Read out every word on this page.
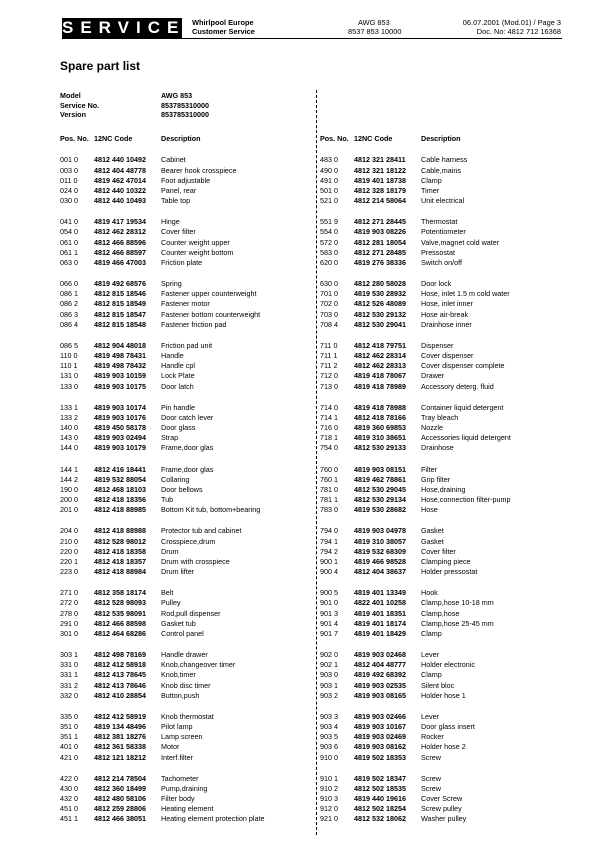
SERVICE Whirlpool Europe
Customer Service
AWG 853
8537 853 10000
06.07.2001 (Mod.01) / Page 3
Doc. No: 4812 712 16368
Spare part list
Model	AWG 853
Service No.	853785310000
Version	853785310000
Pos. No. 12NC Code	Description
001 0 4812 440 10492 Cabinet
003 0 4812 404 48778 Bearer hook crosspiece
011 0 4819 462 47014 Foot adjustable
024 0 4812 440 10322 Panel, rear
030 0 4812 440 10493 Table top
041 0 4819 417 19534 Hinge
054 0 4812 462 28312 Cover filter
061 0 4812 466 88596 Counter weight upper
061 1 4812 466 88597 Counter weight bottom
063 0 4819 466 47003 Friction plate
066 0 4819 492 68576 Spring
086 1 4812 815 18546 Fastener upper counterweight
086 2 4812 815 18549 Fastener motor
086 3 4812 815 18547 Fastener bottom counterweight
086 4 4812 815 18548 Fastener friction pad
086 5 4812 904 48018 Friction pad unit
110 0 4819 498 78431 Handle
110 1 4819 498 78432 Handle cpl
131 0 4819 903 10159 Lock Plate
133 0 4819 903 10175 Door latch
133 1 4819 903 10174 Pin handle
133 2 4819 903 10176 Door catch lever
140 0 4819 450 58178 Door glass
143 0 4819 903 02494 Strap
144 0 4819 903 10179 Frame,door glas
144 1 4812 416 18441 Frame,door glas
144 2 4819 532 88054 Collaring
190 0 4812 468 18103 Door bellows
200 0 4812 418 18356 Tub
201 0 4812 418 88985 Bottom Kit tub, bottom+bearing
204 0 4812 418 88988 Protector tub and cabinet
210 0 4812 528 98012 Crosspiece,drum
220 0 4812 418 18358 Drum
220 1 4812 418 18357 Drum with crosspiece
223 0 4812 418 88984 Drum lifter
271 0 4812 358 18174 Belt
272 0 4812 528 98093 Pulley
278 0 4812 535 98091 Rod,pull dispenser
291 0 4812 466 88598 Gasket tub
301 0 4812 464 68286 Control panel
303 1 4812 498 78169 Handle drawer
331 0 4812 412 58918 Knob,changeover timer
331 1 4812 413 78645 Knob,timer
331 2 4812 413 78646 Knob disc timer
332 0 4812 410 28854 Button,push
335 0 4812 412 58919 Knob thermostat
351 0 4819 134 48496 Pilot lamp
351 1 4812 381 18276 Lamp screen
401 0 4812 361 58338 Motor
421 0 4812 121 18212 Interf.filter
422 0 4812 214 78504 Tachometer
430 0 4812 360 18499 Pump,draining
432 0 4812 480 58106 Filter body
451 0 4812 259 28806 Heating element
451 1 4812 466 38051 Heating element protection plate
Pos. No. 12NC Code	Description
483 0 4812 321 28411 Cable harness
490 0 4812 321 18122 Cable,mains
491 0 4819 401 18738 Clamp
501 0 4812 328 18179 Timer
521 0 4812 214 58064 Unit electrical
551 9 4812 271 28445 Thermostat
554 0 4819 903 08226 Potentiometer
572 0 4812 281 18054 Valve,magnet cold water
583 0 4812 271 28485 Pressostat
620 0 4819 276 38336 Switch on/off
630 0 4812 280 58028 Door lock
701 0 4819 530 28932 Hose, inlet 1.5 m cold water
702 0 4812 526 48089 Hose, inlet inner
703 0 4812 530 29132 Hose air-break
708 4 4812 530 29041 Drainhose inner
711 0 4812 418 79751 Dispenser
711 1 4812 462 28314 Cover dispenser
711 2 4812 462 28313 Cover dispenser complete
712 0 4819 418 78067 Drawer
713 0 4819 418 78989 Accessory deterg. fluid
714 0 4819 418 78988 Container liquid detergent
714 1 4812 418 78166 Tray bleach
716 0 4819 360 69853 Nozzle
718 1 4819 310 38651 Accessories liquid detergent
754 0 4812 530 29133 Drainhose
760 0 4819 903 08151 Filter
760 1 4819 462 78861 Grip filter
781 0 4812 530 29045 Hose,draining
781 1 4812 530 29134 Hose,connection filter-pump
783 0 4819 530 28682 Hose
794 0 4819 903 04978 Gasket
794 1 4819 310 38057 Gasket
794 2 4819 532 68309 Cover filter
900 1 4819 466 98528 Clamping piece
900 4 4812 404 38637 Holder pressostat
900 5 4819 401 13349 Hook
901 0 4822 401 10258 Clamp,hose 10-18 mm
901 3 4819 401 18351 Clamp,hose
901 4 4819 401 18174 Clamp,hose 25-45 mm
901 7 4819 401 18429 Clamp
902 0 4819 903 02468 Lever
902 1 4812 404 48777 Holder electronic
903 0 4819 492 68392 Clamp
903 1 4819 903 02535 Silent bloc
903 2 4819 903 08165 Holder hose 1
903 3 4819 903 02466 Lever
903 4 4819 903 10167 Door glass insert
903 5 4819 903 02469 Rocker
903 6 4819 903 08162 Holder hose 2
910 0 4819 502 18353 Screw
910 1 4819 502 18347 Screw
910 2 4812 502 18535 Screw
910 3 4819 440 19616 Cover Screw
912 0 4812 502 18254 Screw pulley
921 0 4812 532 18062 Washer pulley
